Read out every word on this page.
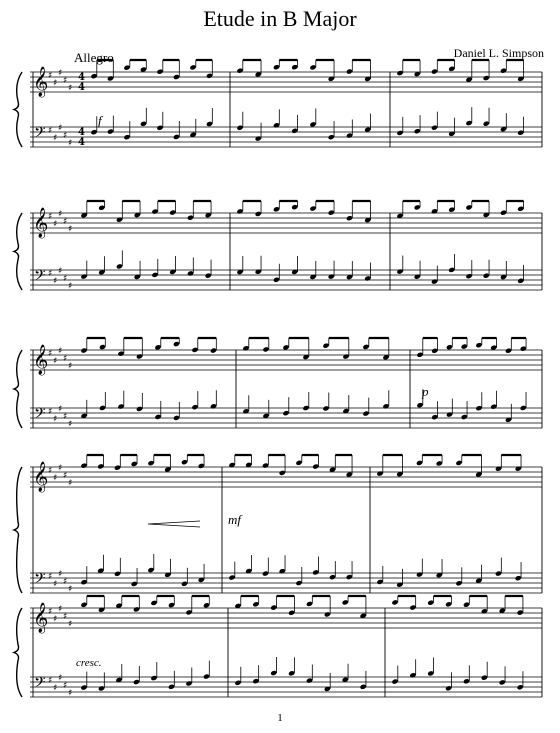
Etude in B Major
Allegro	Daniel L. Simpson
𝄞
𝄢
♯
♯
♯
♯
♯
♯
♯
♯
♯
♯
4
4
4
4
𝄞
𝄢
♯
♯
♯
♯
♯
♯
♯
♯
♯
♯
𝄞
𝄢
♯
♯
♯
♯
♯
♯
♯
♯
♯
♯
𝄞
𝄢
♯
♯
♯
♯
♯
♯
♯
♯
♯
♯
𝄞
𝄢
♯
♯
♯
♯
♯
♯
♯
♯
♯
♯
f
p
mf
cresc.
1
